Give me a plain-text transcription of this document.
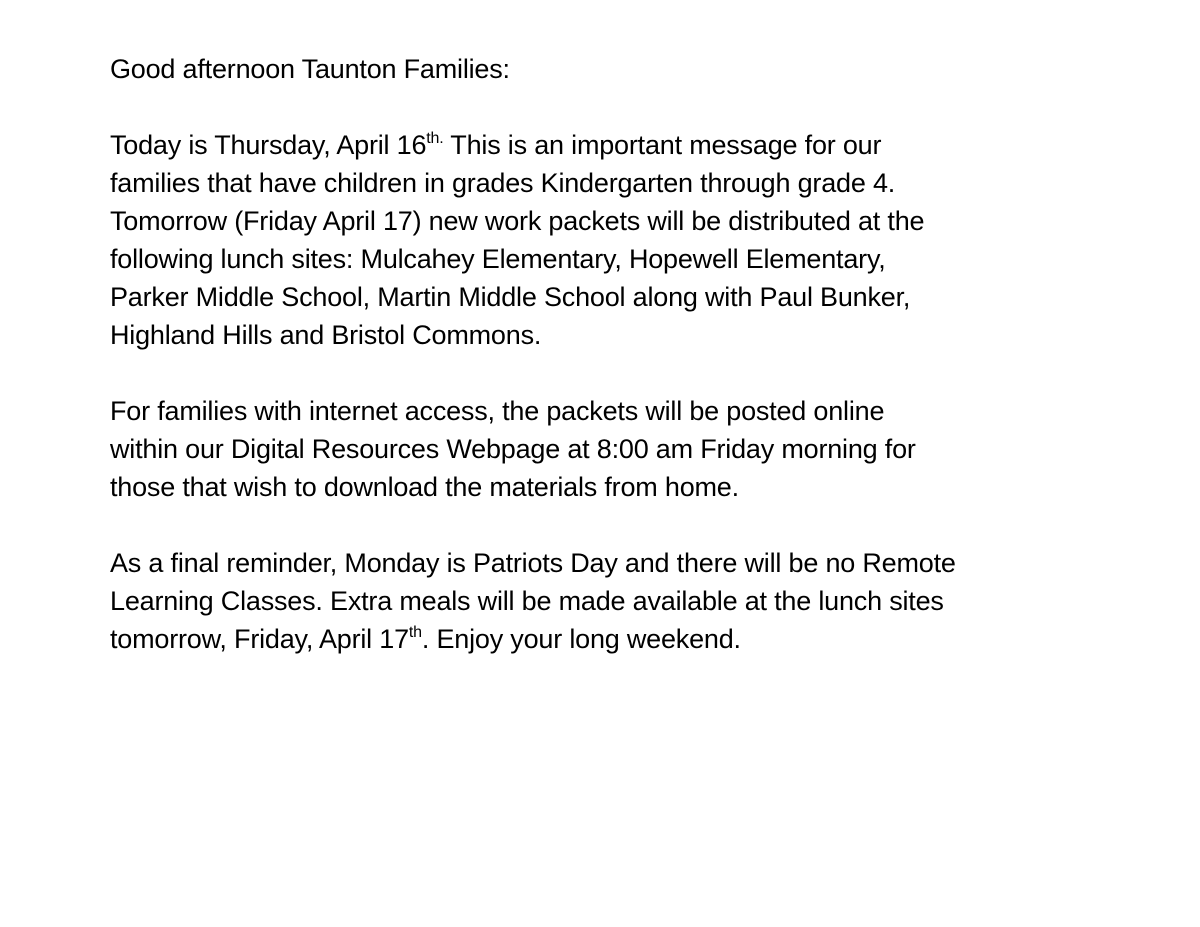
Good afternoon Taunton Families:
Today is Thursday, April $16^{th.}$ This is an important message for our
families that have children in grades Kindergarten through grade 4.
Tomorrow (Friday April 17) new work packets will be distributed at the
following lunch sites: Mulcahey Elementary, Hopewell Elementary,
Parker Middle School, Martin Middle School along with Paul Bunker,
Highland Hills and Bristol Commons.
For families with internet access, the packets will be posted online
within our Digital Resources Webpage at 8:00 am Friday morning for
those that wish to download the materials from home.
As a final reminder, Monday is Patriots Day and there will be no Remote
Learning Classes. Extra meals will be made available at the lunch sites
tomorrow, Friday, April 17th. Enjoy your long weekend.
